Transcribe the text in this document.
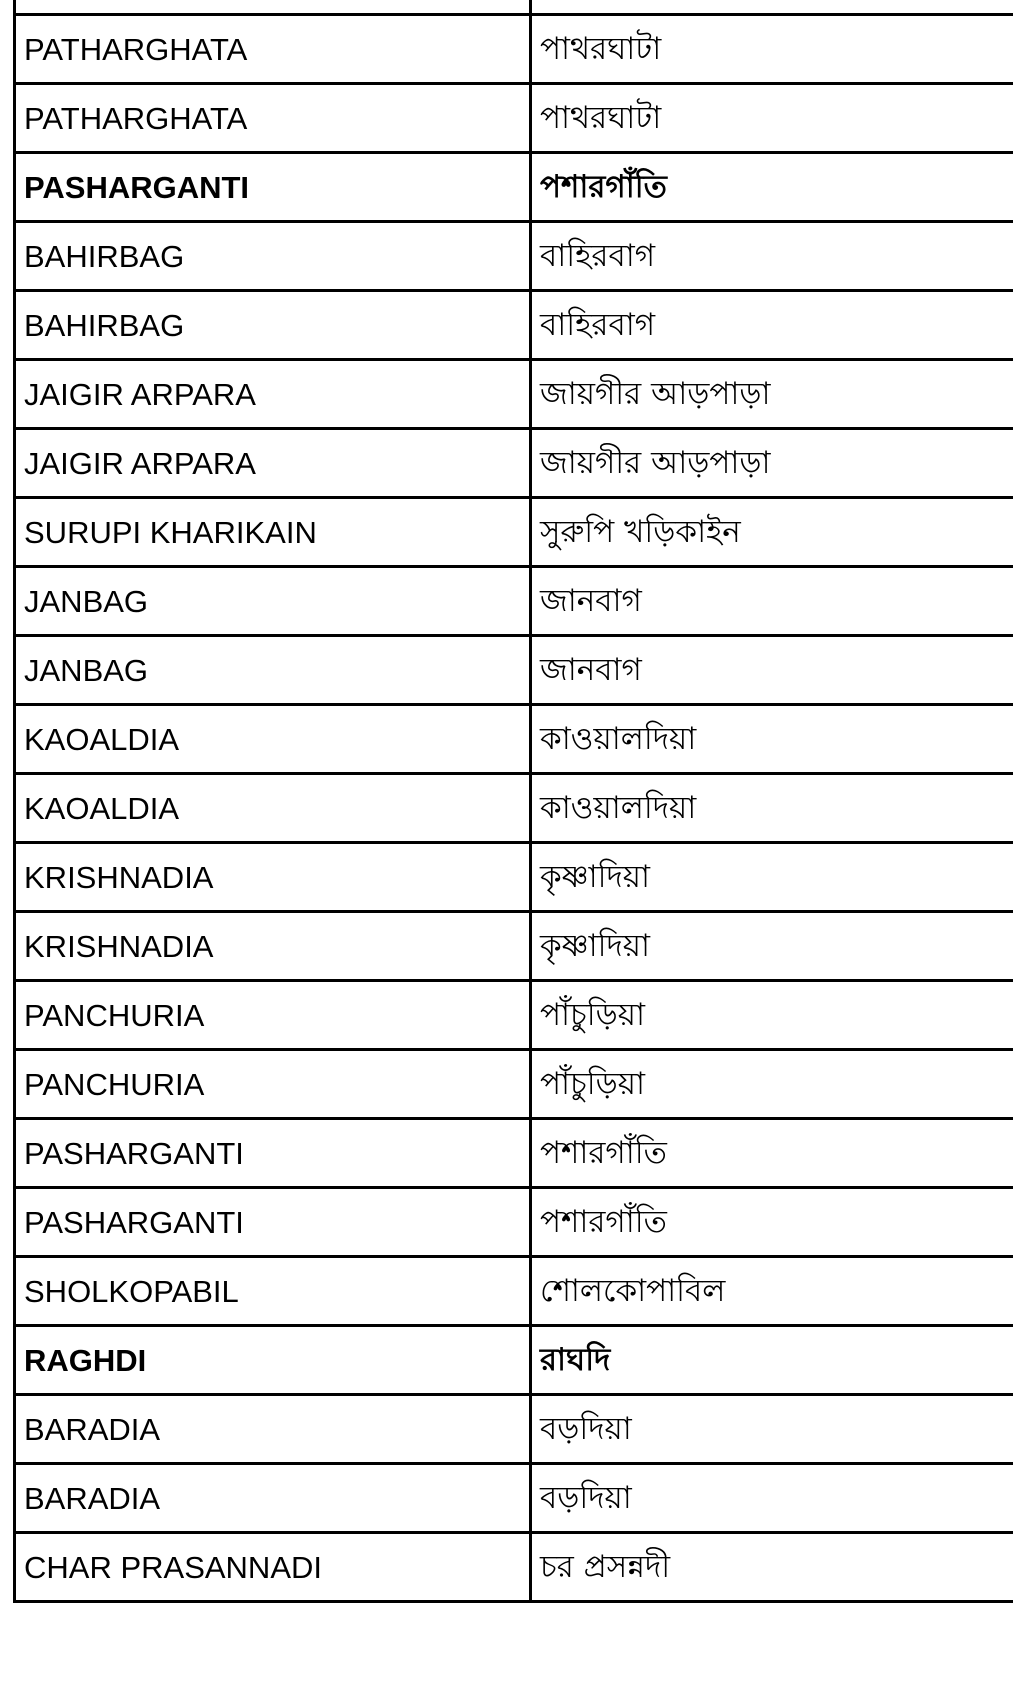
PATHARGHATA	পাথরঘাটা	
PATHARGHATA	পাথরঘাটা	
PASHARGANTI	পশারগাঁতি	
BAHIRBAG	বাহিরবাগ	
BAHIRBAG	বাহিরবাগ	
JAIGIR ARPARA	জায়গীর আড়পাড়া	
JAIGIR ARPARA	জায়গীর আড়পাড়া	
SURUPI KHARIKAIN	সুরুপি খড়িকাইন	
JANBAG	জানবাগ	
JANBAG	জানবাগ	
KAOALDIA	কাওয়ালদিয়া	
KAOALDIA	কাওয়ালদিয়া	
KRISHNADIA	কৃষ্ণাদিয়া	
KRISHNADIA	কৃষ্ণাদিয়া	
PANCHURIA	পাঁচুড়িয়া	
PANCHURIA	পাঁচুড়িয়া	
PASHARGANTI	পশারগাঁতি	
PASHARGANTI	পশারগাঁতি	
SHOLKOPABIL	শোলকোপাবিল	
RAGHDI	রাঘদি	
BARADIA	বড়দিয়া	
BARADIA	বড়দিয়া	
CHAR PRASANNADI	চর প্রসন্নদী	
